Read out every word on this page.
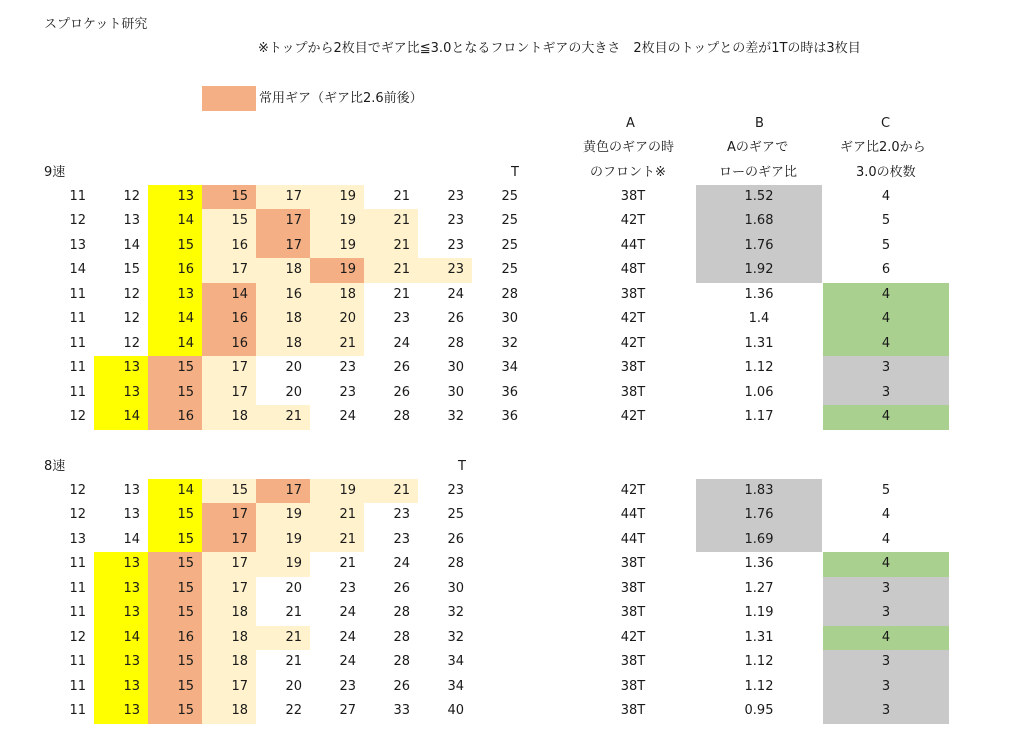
スプロケット研究
※トップから2枚目でギア比≦3.0となるフロントギアの大きさ　2枚目のトップとの差が1Tの時は3枚目
常用ギア（ギア比2.6前後）
A
黄色のギアの時
のフロント※
B
Aのギアで
ローのギア比
C
ギア比2.0から
3.0の枚数
9速	T
8速	T
11	12	13	15	17	19	21	23	25	38T	1.52	4
12	13	14	15	17	19	21	23	25	42T	1.68	5
13	14	15	16	17	19	21	23	25	44T	1.76	5
14	15	16	17	18	19	21	23	25	48T	1.92	6
11	12	13	14	16	18	21	24	28	38T	1.36	4
11	12	14	16	18	20	23	26	30	42T	1.4	4
11	12	14	16	18	21	24	28	32	42T	1.31	4
11	13	15	17	20	23	26	30	34	38T	1.12	3
11	13	15	17	20	23	26	30	36	38T	1.06	3
12	14	16	18	21	24	28	32	36	42T	1.17	4
12	13	14	15	17	19	21	23	42T	1.83	5
12	13	15	17	19	21	23	25	44T	1.76	4
13	14	15	17	19	21	23	26	44T	1.69	4
11	13	15	17	19	21	24	28	38T	1.36	4
11	13	15	17	20	23	26	30	38T	1.27	3
11	13	15	18	21	24	28	32	38T	1.19	3
12	14	16	18	21	24	28	32	42T	1.31	4
11	13	15	18	21	24	28	34	38T	1.12	3
11	13	15	17	20	23	26	34	38T	1.12	3
11	13	15	18	22	27	33	40	38T	0.95	3
